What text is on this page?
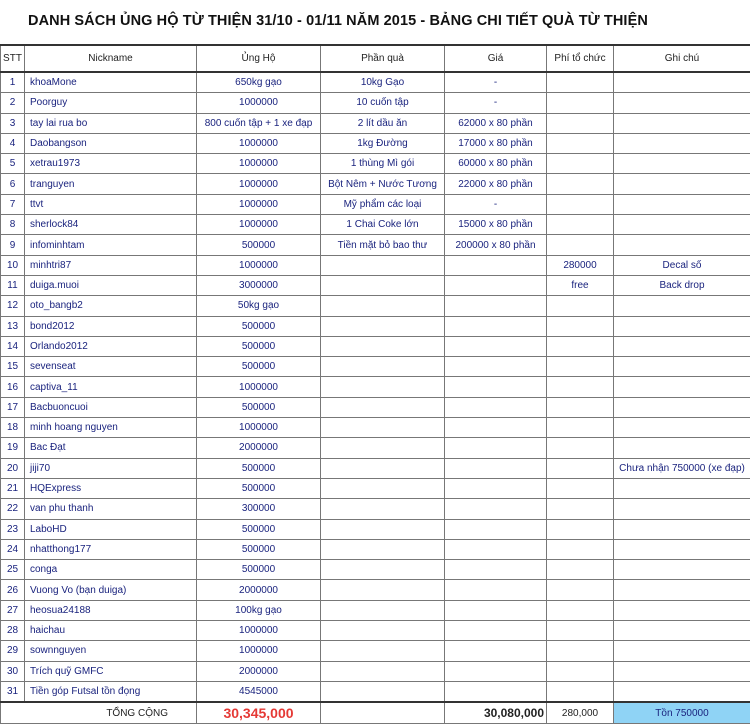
DANH SÁCH ỦNG HỘ TỪ THIỆN 31/10 - 01/11 NĂM 2015 - BẢNG CHI TIẾT QUÀ TỪ THIỆN
STT	Nickname	Ủng Hộ	Phần quà	Giá	Phí tổ chức	Ghi chú
1	khoaMone	650kg gạo	10kg Gạo	-		
2	Poorguy	1000000	10 cuốn tập	-		
3	tay lai rua bo	800 cuốn tập + 1 xe đạp	2 lít dầu ăn	62000 x 80 phần		
4	Daobangson	1000000	1kg Đường	17000 x 80 phần		
5	xetrau1973	1000000	1 thùng Mì gói	60000 x 80 phần		
6	tranguyen	1000000	Bột Nêm + Nước Tương	22000 x 80 phần		
7	ttvt	1000000	Mỹ phẩm các loại	-		
8	sherlock84	1000000	1 Chai Coke lớn	15000 x 80 phần		
9	infominhtam	500000	Tiền mặt bỏ bao thư	200000 x 80 phần		
10	minhtri87	1000000			280000	Decal số
11	duiga.muoi	3000000			free	Back drop
12	oto_bangb2	50kg gạo				
13	bond2012	500000				
14	Orlando2012	500000				
15	sevenseat	500000				
16	captiva_11	1000000				
17	Bacbuoncuoi	500000				
18	minh hoang nguyen	1000000				
19	Bac Đạt	2000000				
20	jiji70	500000				Chưa nhận 750000 (xe đạp)
21	HQExpress	500000				
22	van phu thanh	300000				
23	LaboHD	500000				
24	nhatthong177	500000				
25	conga	500000				
26	Vuong Vo (bạn duiga)	2000000				
27	heosua24188	100kg gạo				
28	haichau	1000000				
29	sownnguyen	1000000				
30	Trích quỹ GMFC	2000000				
31	Tiền góp Futsal tồn đọng	4545000				
TỔNG CỘNG		30,345,000		30,080,000	280,000	Tồn 750000
